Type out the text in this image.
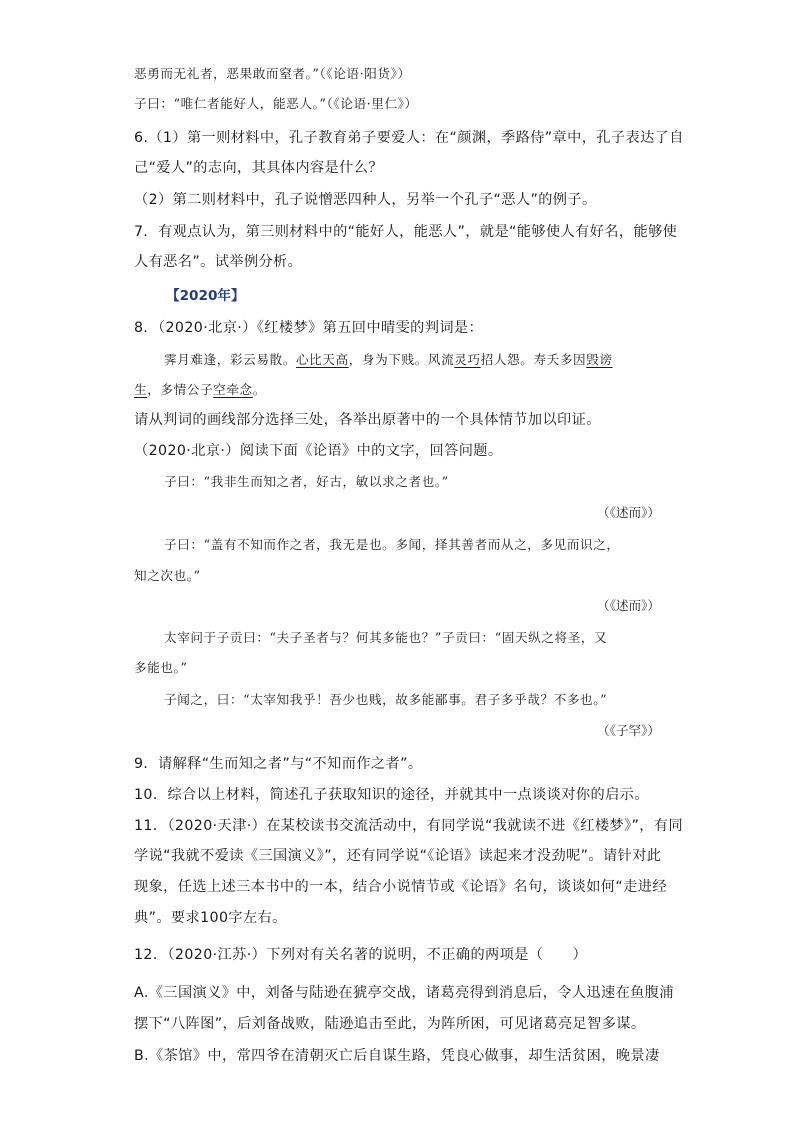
恶勇而无礼者，恶果敢而窒者。”（《论语·阳货》）
子曰：“唯仁者能好人，能恶人。”（《论语·里仁》）
6.（1）第一则材料中，孔子教育弟子要爱人：在“颜渊，季路侍”章中，孔子表达了自
己“爱人”的志向，其具体内容是什么？
（2）第二则材料中，孔子说憎恶四种人，另举一个孔子“恶人”的例子。
7．有观点认为，第三则材料中的“能好人，能恶人”，就是“能够使人有好名，能够使
人有恶名”。试举例分析。
【2020年】
8．（2020·北京·）《红楼梦》第五回中晴雯的判词是：
霁月难逢，彩云易散。心比天高，身为下贱。风流灵巧招人怨。寿夭多因毁谤
生，多情公子空牵念。
请从判词的画线部分选择三处，各举出原著中的一个具体情节加以印证。
（2020·北京·）阅读下面《论语》中的文字，回答问题。
子曰：“我非生而知之者，好古，敏以求之者也。”
（《述而》）
子曰：“盖有不知而作之者，我无是也。多闻，择其善者而从之，多见而识之，
知之次也。”
（《述而》）
太宰问于子贡曰：“夫子圣者与？何其多能也？”子贡曰：“固天纵之将圣，又
多能也。”
子闻之，曰：“太宰知我乎！吾少也贱，故多能鄙事。君子多乎哉？不多也。”
（《子罕》）
9．请解释“生而知之者”与“不知而作之者”。
10．综合以上材料，简述孔子获取知识的途径，并就其中一点谈谈对你的启示。
11．（2020·天津·）在某校读书交流活动中，有同学说“我就读不进《红楼梦》”，有同
学说“我就不爱读《三国演义》”，还有同学说“《论语》读起来才没劲呢”。请针对此
现象，任选上述三本书中的一本，结合小说情节或《论语》名句，谈谈如何“走进经
典”。要求100字左右。
12．（2020·江苏·）下列对有关名著的说明，不正确的两项是（　　）
A.《三国演义》中，刘备与陆逊在猇亭交战，诸葛亮得到消息后，令人迅速在鱼腹浦
摆下“八阵图”，后刘备战败，陆逊追击至此，为阵所困，可见诸葛亮足智多谋。
B.《茶馆》中，常四爷在清朝灭亡后自谋生路，凭良心做事，却生活贫困，晚景凄
